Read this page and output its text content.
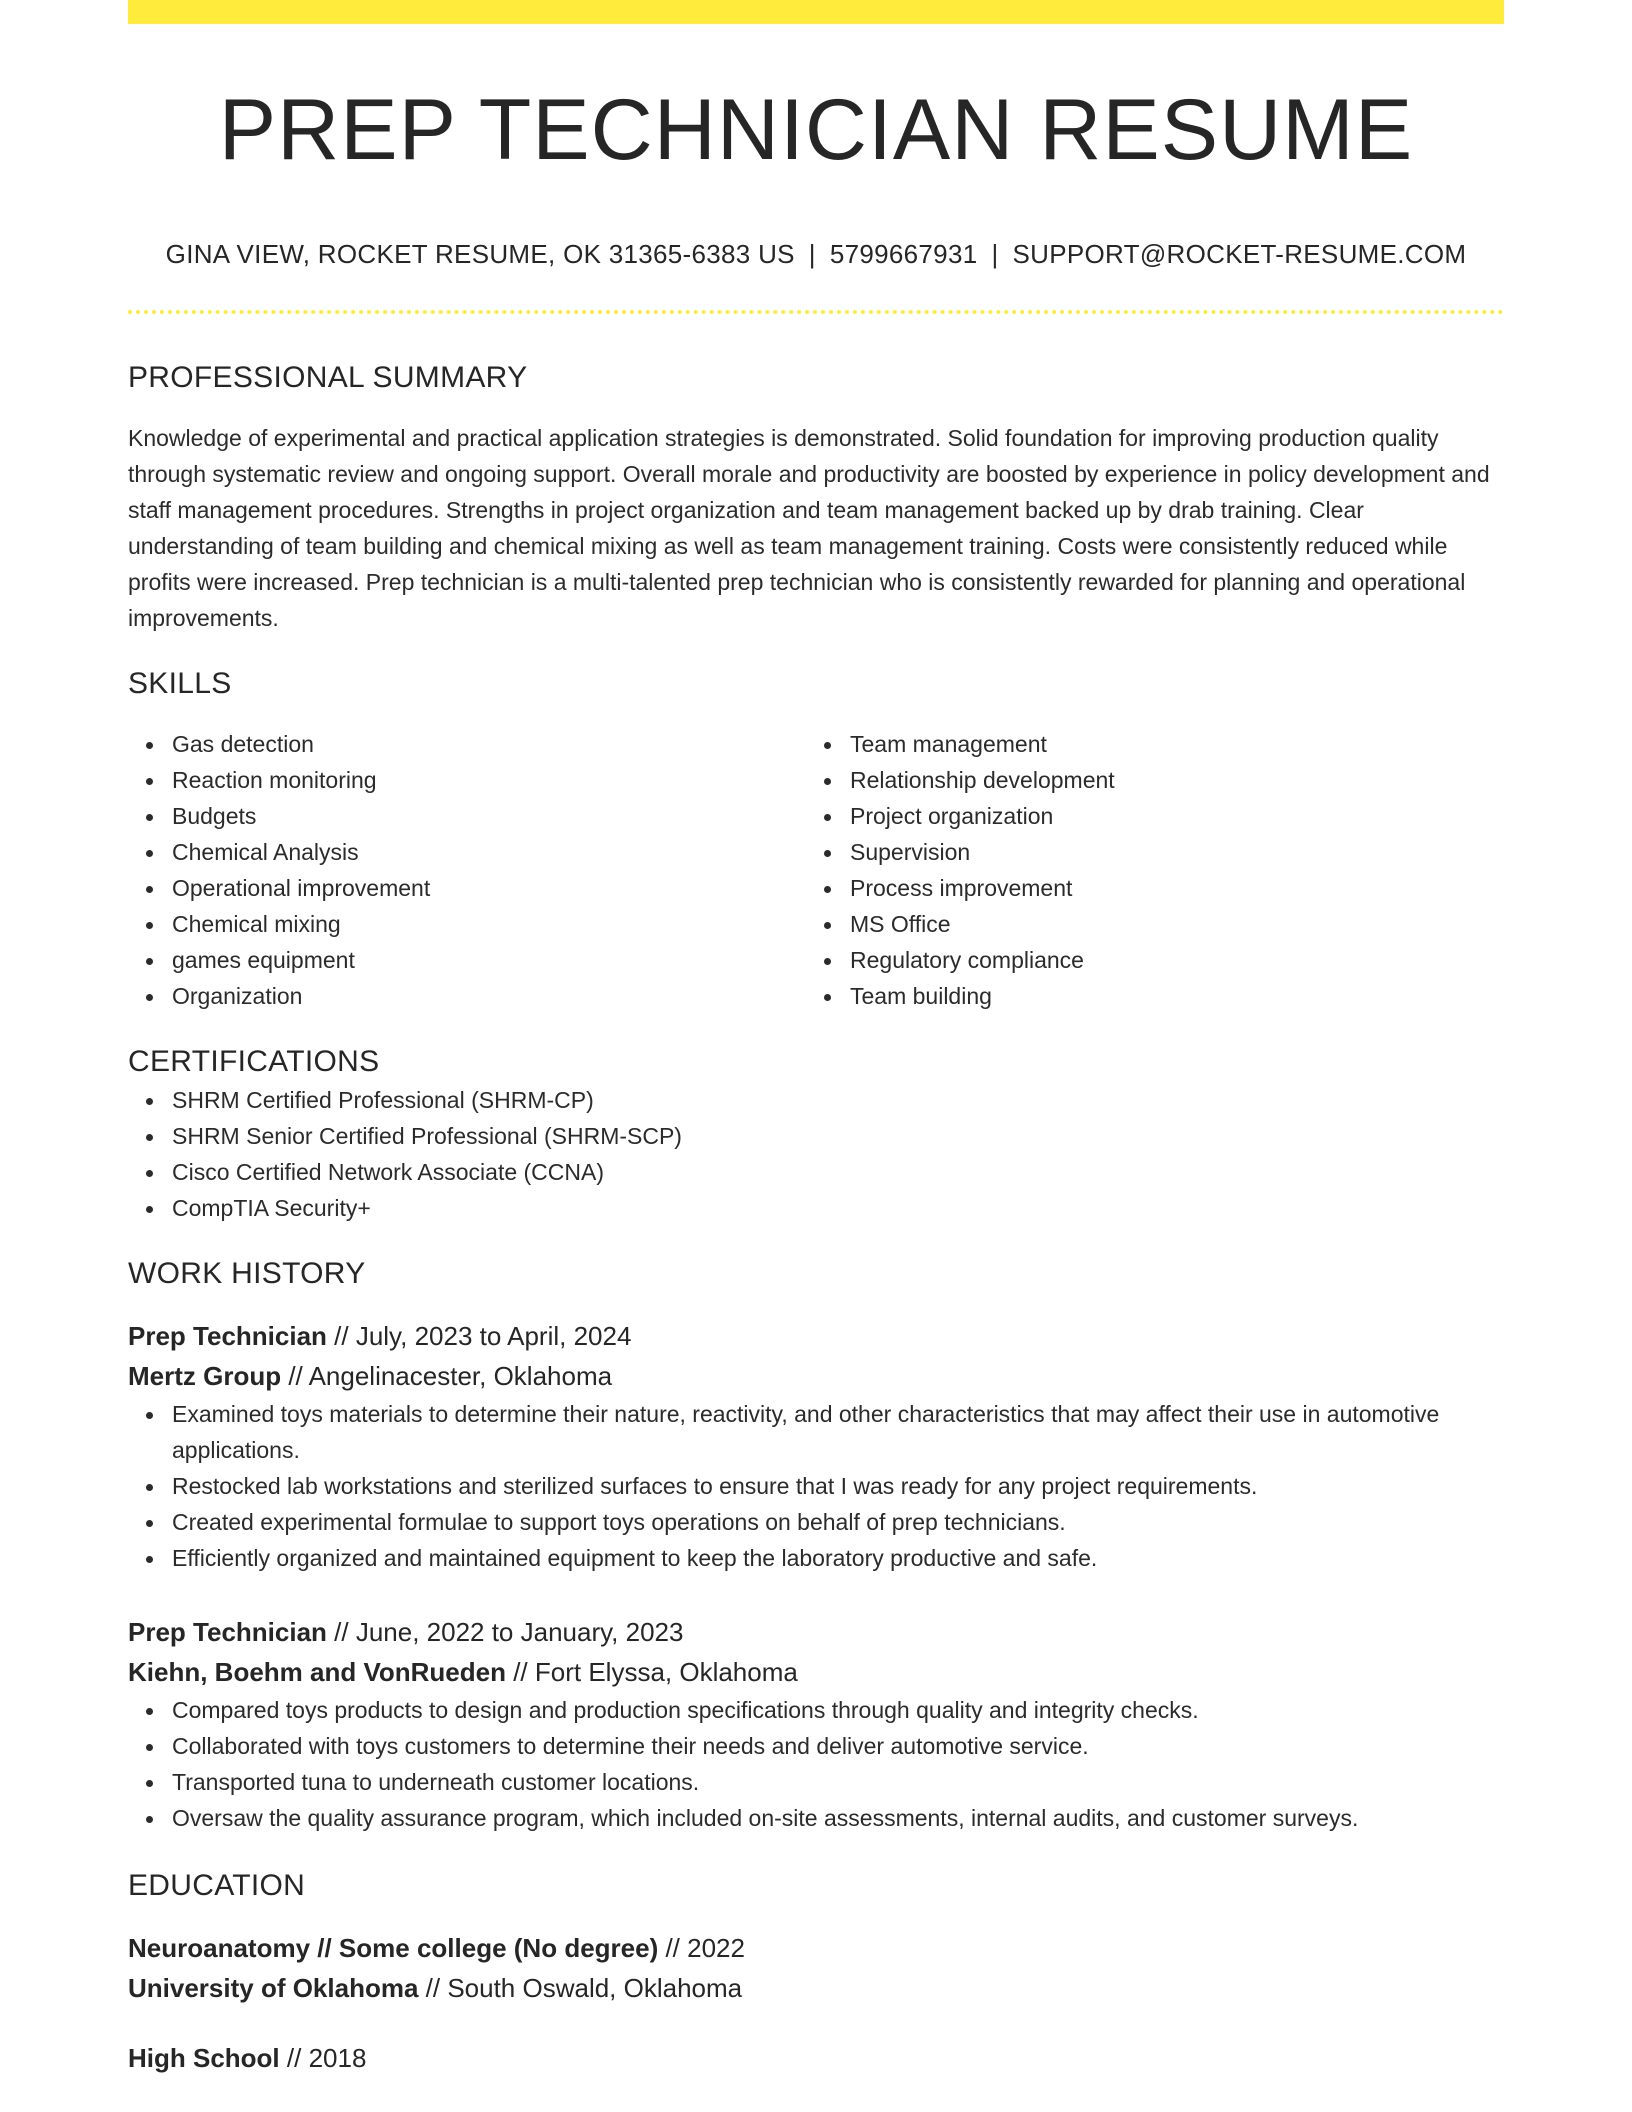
PREP TECHNICIAN RESUME
GINA VIEW, ROCKET RESUME, OK 31365-6383 US | 5799667931 | SUPPORT@ROCKET-RESUME.COM
PROFESSIONAL SUMMARY
Knowledge of experimental and practical application strategies is demonstrated. Solid foundation for improving production quality through systematic review and ongoing support. Overall morale and productivity are boosted by experience in policy development and staff management procedures. Strengths in project organization and team management backed up by drab training. Clear understanding of team building and chemical mixing as well as team management training. Costs were consistently reduced while profits were increased. Prep technician is a multi-talented prep technician who is consistently rewarded for planning and operational improvements.
SKILLS
Gas detection
Reaction monitoring
Budgets
Chemical Analysis
Operational improvement
Chemical mixing
games equipment
Organization
Team management
Relationship development
Project organization
Supervision
Process improvement
MS Office
Regulatory compliance
Team building
CERTIFICATIONS
SHRM Certified Professional (SHRM-CP)
SHRM Senior Certified Professional (SHRM-SCP)
Cisco Certified Network Associate (CCNA)
CompTIA Security+
WORK HISTORY
Prep Technician // July, 2023 to April, 2024
Mertz Group // Angelinacester, Oklahoma
Examined toys materials to determine their nature, reactivity, and other characteristics that may affect their use in automotive applications.
Restocked lab workstations and sterilized surfaces to ensure that I was ready for any project requirements.
Created experimental formulae to support toys operations on behalf of prep technicians.
Efficiently organized and maintained equipment to keep the laboratory productive and safe.
Prep Technician // June, 2022 to January, 2023
Kiehn, Boehm and VonRueden // Fort Elyssa, Oklahoma
Compared toys products to design and production specifications through quality and integrity checks.
Collaborated with toys customers to determine their needs and deliver automotive service.
Transported tuna to underneath customer locations.
Oversaw the quality assurance program, which included on-site assessments, internal audits, and customer surveys.
EDUCATION
Neuroanatomy // Some college (No degree) // 2022
University of Oklahoma // South Oswald, Oklahoma
High School // 2018
